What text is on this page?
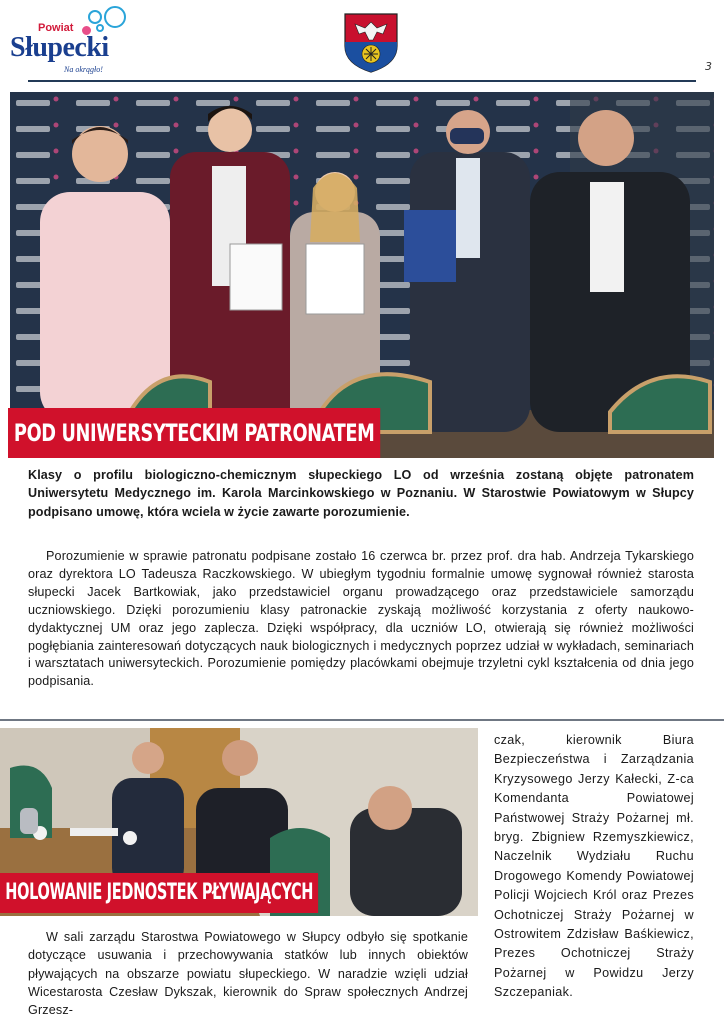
Powiat
Słupecki
Na okrągło!	3
POD UNIWERSYTECKIM PATRONATEM

Klasy o profilu biologiczno-chemicznym słupeckiego LO od września zostaną objęte patronatem Uniwersytetu Medycznego im. Karola Marcinkowskiego w Poznaniu. W Starostwie Powiatowym w Słupcy podpisano umowę, która wciela w życie zawarte porozumienie.

Porozumienie w sprawie patronatu podpisane zostało 16 czerwca br. przez prof. dra hab. Andrzeja Tykarskiego oraz dyrektora LO Tadeusza Raczkowskiego. W ubiegłym tygodniu formalnie umowę sygnował również starosta słupecki Jacek Bartkowiak, jako przedstawiciel organu prowadzącego oraz przedstawiciele samorządu uczniowskiego. Dzięki porozumieniu klasy patronackie zyskają możliwość korzystania z oferty naukowo-dydaktycznej UM oraz jego zaplecza. Dzięki współpracy, dla uczniów LO, otwierają się również możliwości pogłębiania zainteresowań dotyczących nauk biologicznych i medycznych poprzez udział w wykładach, seminariach i warsztatach uniwersyteckich. Porozumienie pomiędzy placówkami obejmuje trzyletni cykl kształcenia od dnia jego podpisania.

HOLOWANIE JEDNOSTEK PŁYWAJĄCYCH

W sali zarządu Starostwa Powiatowego w Słupcy odbyło się spotkanie dotyczące usuwania i przechowywania statków lub innych obiektów pływających na obszarze powiatu słupeckiego. W naradzie wzięli udział Wicestarosta Czesław Dykszak, kierownik do Spraw społecznych Andrzej Grzesz-

czak, kierownik Biura Bezpieczeństwa i Zarządzania Kryzysowego Jerzy Kałecki, Z-ca Komendanta Powiatowej Państwowej Straży Pożarnej mł. bryg. Zbigniew Rzemyszkiewicz, Naczelnik Wydziału Ruchu Drogowego Komendy Powiatowej Policji Wojciech Król oraz Prezes Ochotniczej Straży Pożarnej w Ostrowitem Zdzisław Baśkiewicz, Prezes Ochotniczej Straży Pożarnej w Powidzu Jerzy Szczepaniak.
